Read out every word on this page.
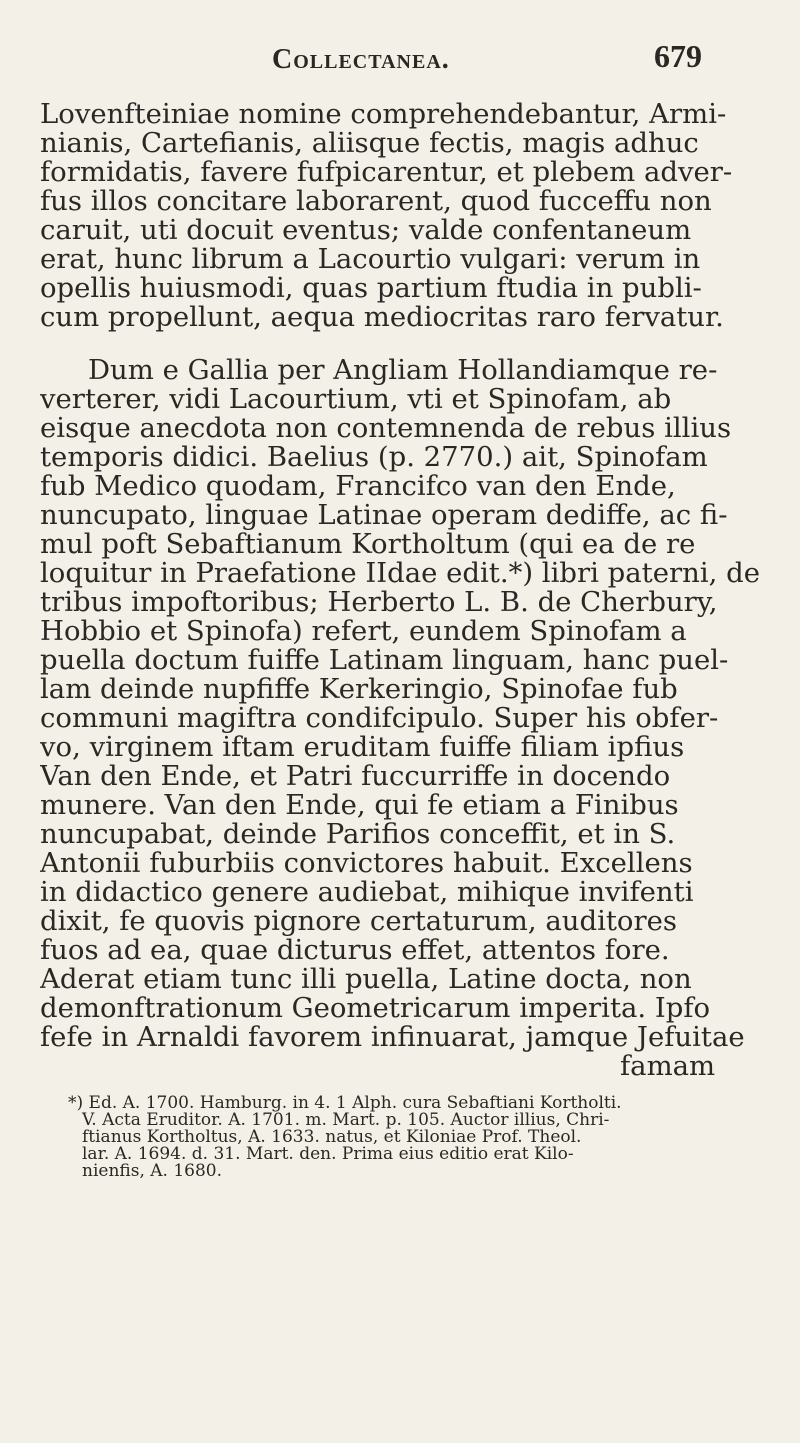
Collectanea.	679
Lovenfteiniae nomine comprehendebantur, Armi-
nianis, Cartefianis, aliisque fectis, magis adhuc
formidatis, favere fufpicarentur, et plebem adver-
fus illos concitare laborarent, quod fucceffu non
caruit, uti docuit eventus; valde confentaneum
erat, hunc librum a Lacourtio vulgari: verum in
opellis huiusmodi, quas partium ftudia in publi-
cum propellunt, aequa mediocritas raro fervatur.
Dum e Gallia per Angliam Hollandiamque re-
verterer, vidi Lacourtium, vti et Spinofam, ab
eisque anecdota non contemnenda de rebus illius
temporis didici. Baelius (p. 2770.) ait, Spinofam
fub Medico quodam, Francifco van den Ende,
nuncupato, linguae Latinae operam dediffe, ac fi-
mul poft Sebaftianum Kortholtum (qui ea de re
loquitur in Praefatione IIdae edit.*) libri paterni, de
tribus impoftoribus; Herberto L. B. de Cherbury,
Hobbio et Spinofa) refert, eundem Spinofam a
puella doctum fuiffe Latinam linguam, hanc puel-
lam deinde nupfiffe Kerkeringio, Spinofae fub
communi magiftra condifcipulo. Super his obfer-
vo, virginem iftam eruditam fuiffe filiam ipfius
Van den Ende, et Patri fuccurriffe in docendo
munere. Van den Ende, qui fe etiam a Finibus
nuncupabat, deinde Parifios conceffit, et in S.
Antonii fuburbiis convictores habuit. Excellens
in didactico genere audiebat, mihique invifenti
dixit, fe quovis pignore certaturum, auditores
fuos ad ea, quae dicturus effet, attentos fore.
Aderat etiam tunc illi puella, Latine docta, non
demonftrationum Geometricarum imperita. Ipfo
fefe in Arnaldi favorem infinuarat, jamque Jefuitae
famam
*) Ed. A. 1700. Hamburg. in 4. 1 Alph. cura Sebaftiani Kortholti.
V. Acta Eruditor. A. 1701. m. Mart. p. 105. Auctor illius, Chri-
ftianus Kortholtus, A. 1633. natus, et Kiloniae Prof. Theol.
lar. A. 1694. d. 31. Mart. den. Prima eius editio erat Kilo-
nienfis, A. 1680.
